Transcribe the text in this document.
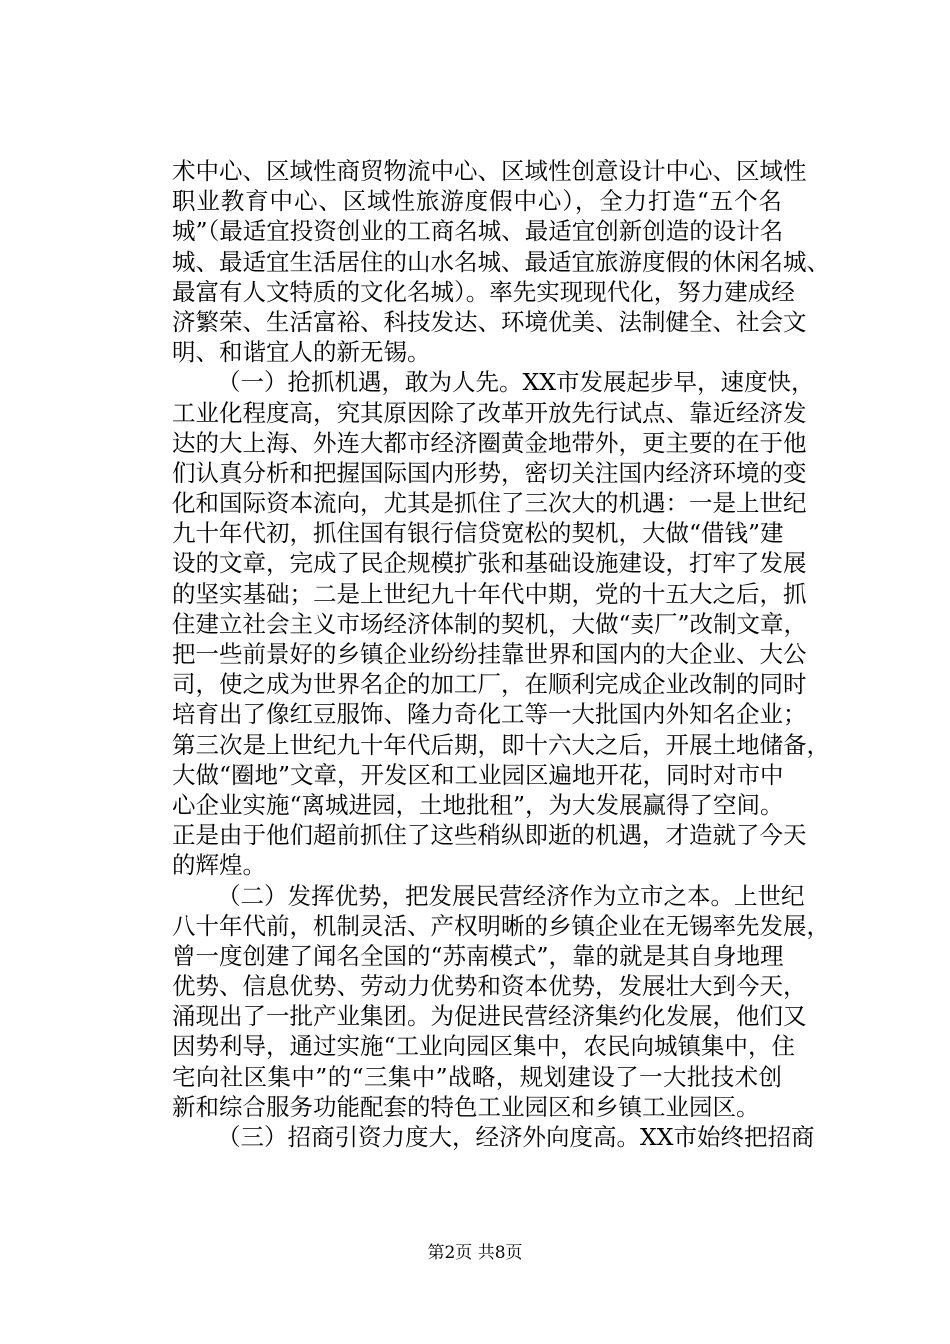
术中心、区域性商贸物流中心、区域性创意设计中心、区域性
职业教育中心、区域性旅游度假中心），全力打造“五个名
城”（最适宜投资创业的工商名城、最适宜创新创造的设计名
城、最适宜生活居住的山水名城、最适宜旅游度假的休闲名城、
最富有人文特质的文化名城）。率先实现现代化，努力建成经
济繁荣、生活富裕、科技发达、环境优美、法制健全、社会文
明、和谐宜人的新无锡。
（一）抢抓机遇，敢为人先。XX市发展起步早，速度快，
工业化程度高，究其原因除了改革开放先行试点、靠近经济发
达的大上海、外连大都市经济圈黄金地带外，更主要的在于他
们认真分析和把握国际国内形势，密切关注国内经济环境的变
化和国际资本流向，尤其是抓住了三次大的机遇：一是上世纪
九十年代初，抓住国有银行信贷宽松的契机，大做“借钱”建
设的文章，完成了民企规模扩张和基础设施建设，打牢了发展
的坚实基础；二是上世纪九十年代中期，党的十五大之后，抓
住建立社会主义市场经济体制的契机，大做“卖厂”改制文章，
把一些前景好的乡镇企业纷纷挂靠世界和国内的大企业、大公
司，使之成为世界名企的加工厂，在顺利完成企业改制的同时
培育出了像红豆服饰、隆力奇化工等一大批国内外知名企业；
第三次是上世纪九十年代后期，即十六大之后，开展土地储备，
大做“圈地”文章，开发区和工业园区遍地开花，同时对市中
心企业实施“离城进园，土地批租”，为大发展赢得了空间。
正是由于他们超前抓住了这些稍纵即逝的机遇，才造就了今天
的辉煌。
（二）发挥优势，把发展民营经济作为立市之本。上世纪
八十年代前，机制灵活、产权明晰的乡镇企业在无锡率先发展，
曾一度创建了闻名全国的“苏南模式”，靠的就是其自身地理
优势、信息优势、劳动力优势和资本优势，发展壮大到今天，
涌现出了一批产业集团。为促进民营经济集约化发展，他们又
因势利导，通过实施“工业向园区集中，农民向城镇集中，住
宅向社区集中”的“三集中”战略，规划建设了一大批技术创
新和综合服务功能配套的特色工业园区和乡镇工业园区。
（三）招商引资力度大，经济外向度高。XX市始终把招商
第2页 共8页
